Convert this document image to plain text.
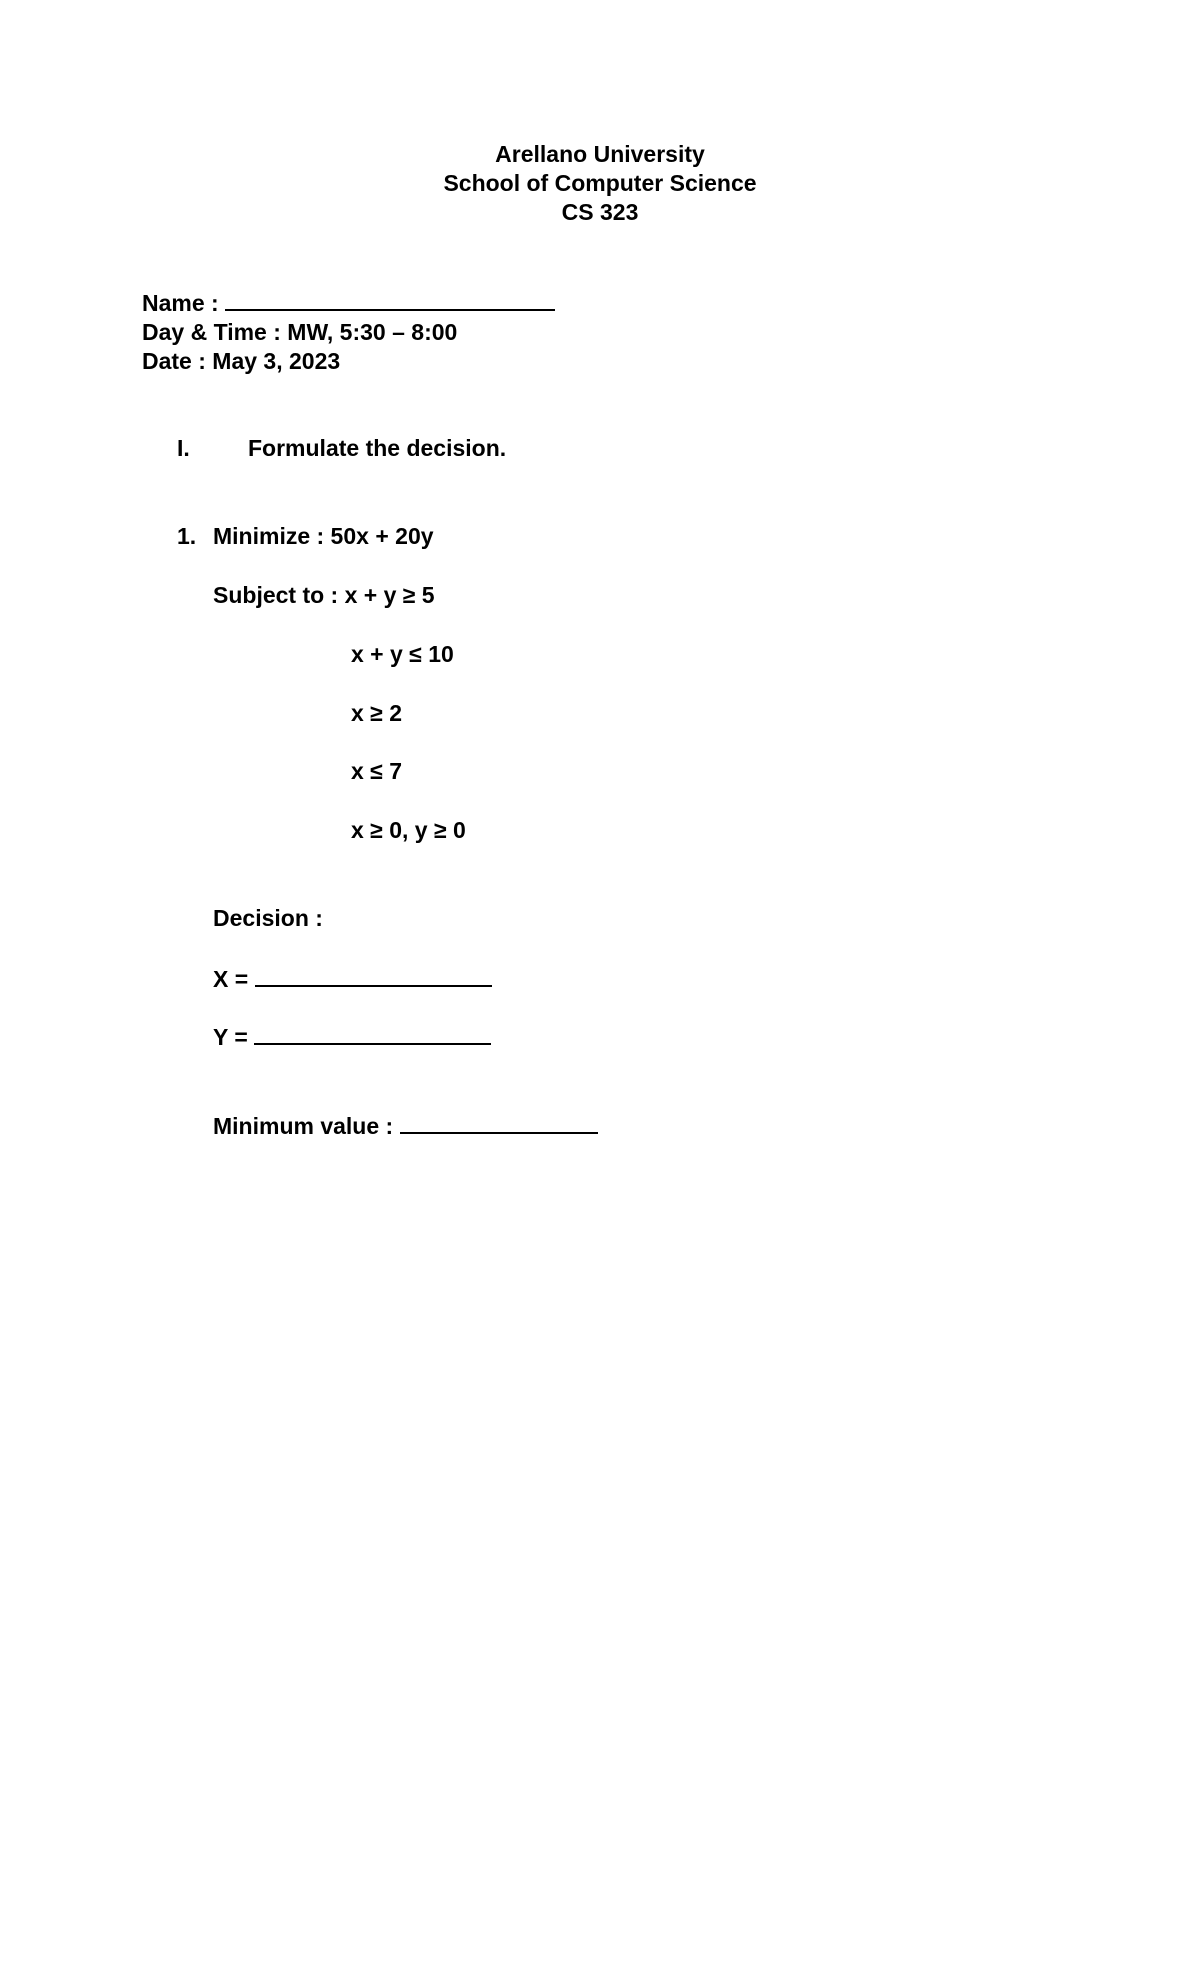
Arellano University
School of Computer Science
CS 323
Name :
Day & Time : MW, 5:30 – 8:00
Date : May 3, 2023
I.	Formulate the decision.
1. Minimize : 50x + 20y
Subject to : x + y ≥ 5
x + y ≤ 10
x ≥ 2
x ≤ 7
x ≥ 0, y ≥ 0
Decision :
X =
Y =
Minimum value :
